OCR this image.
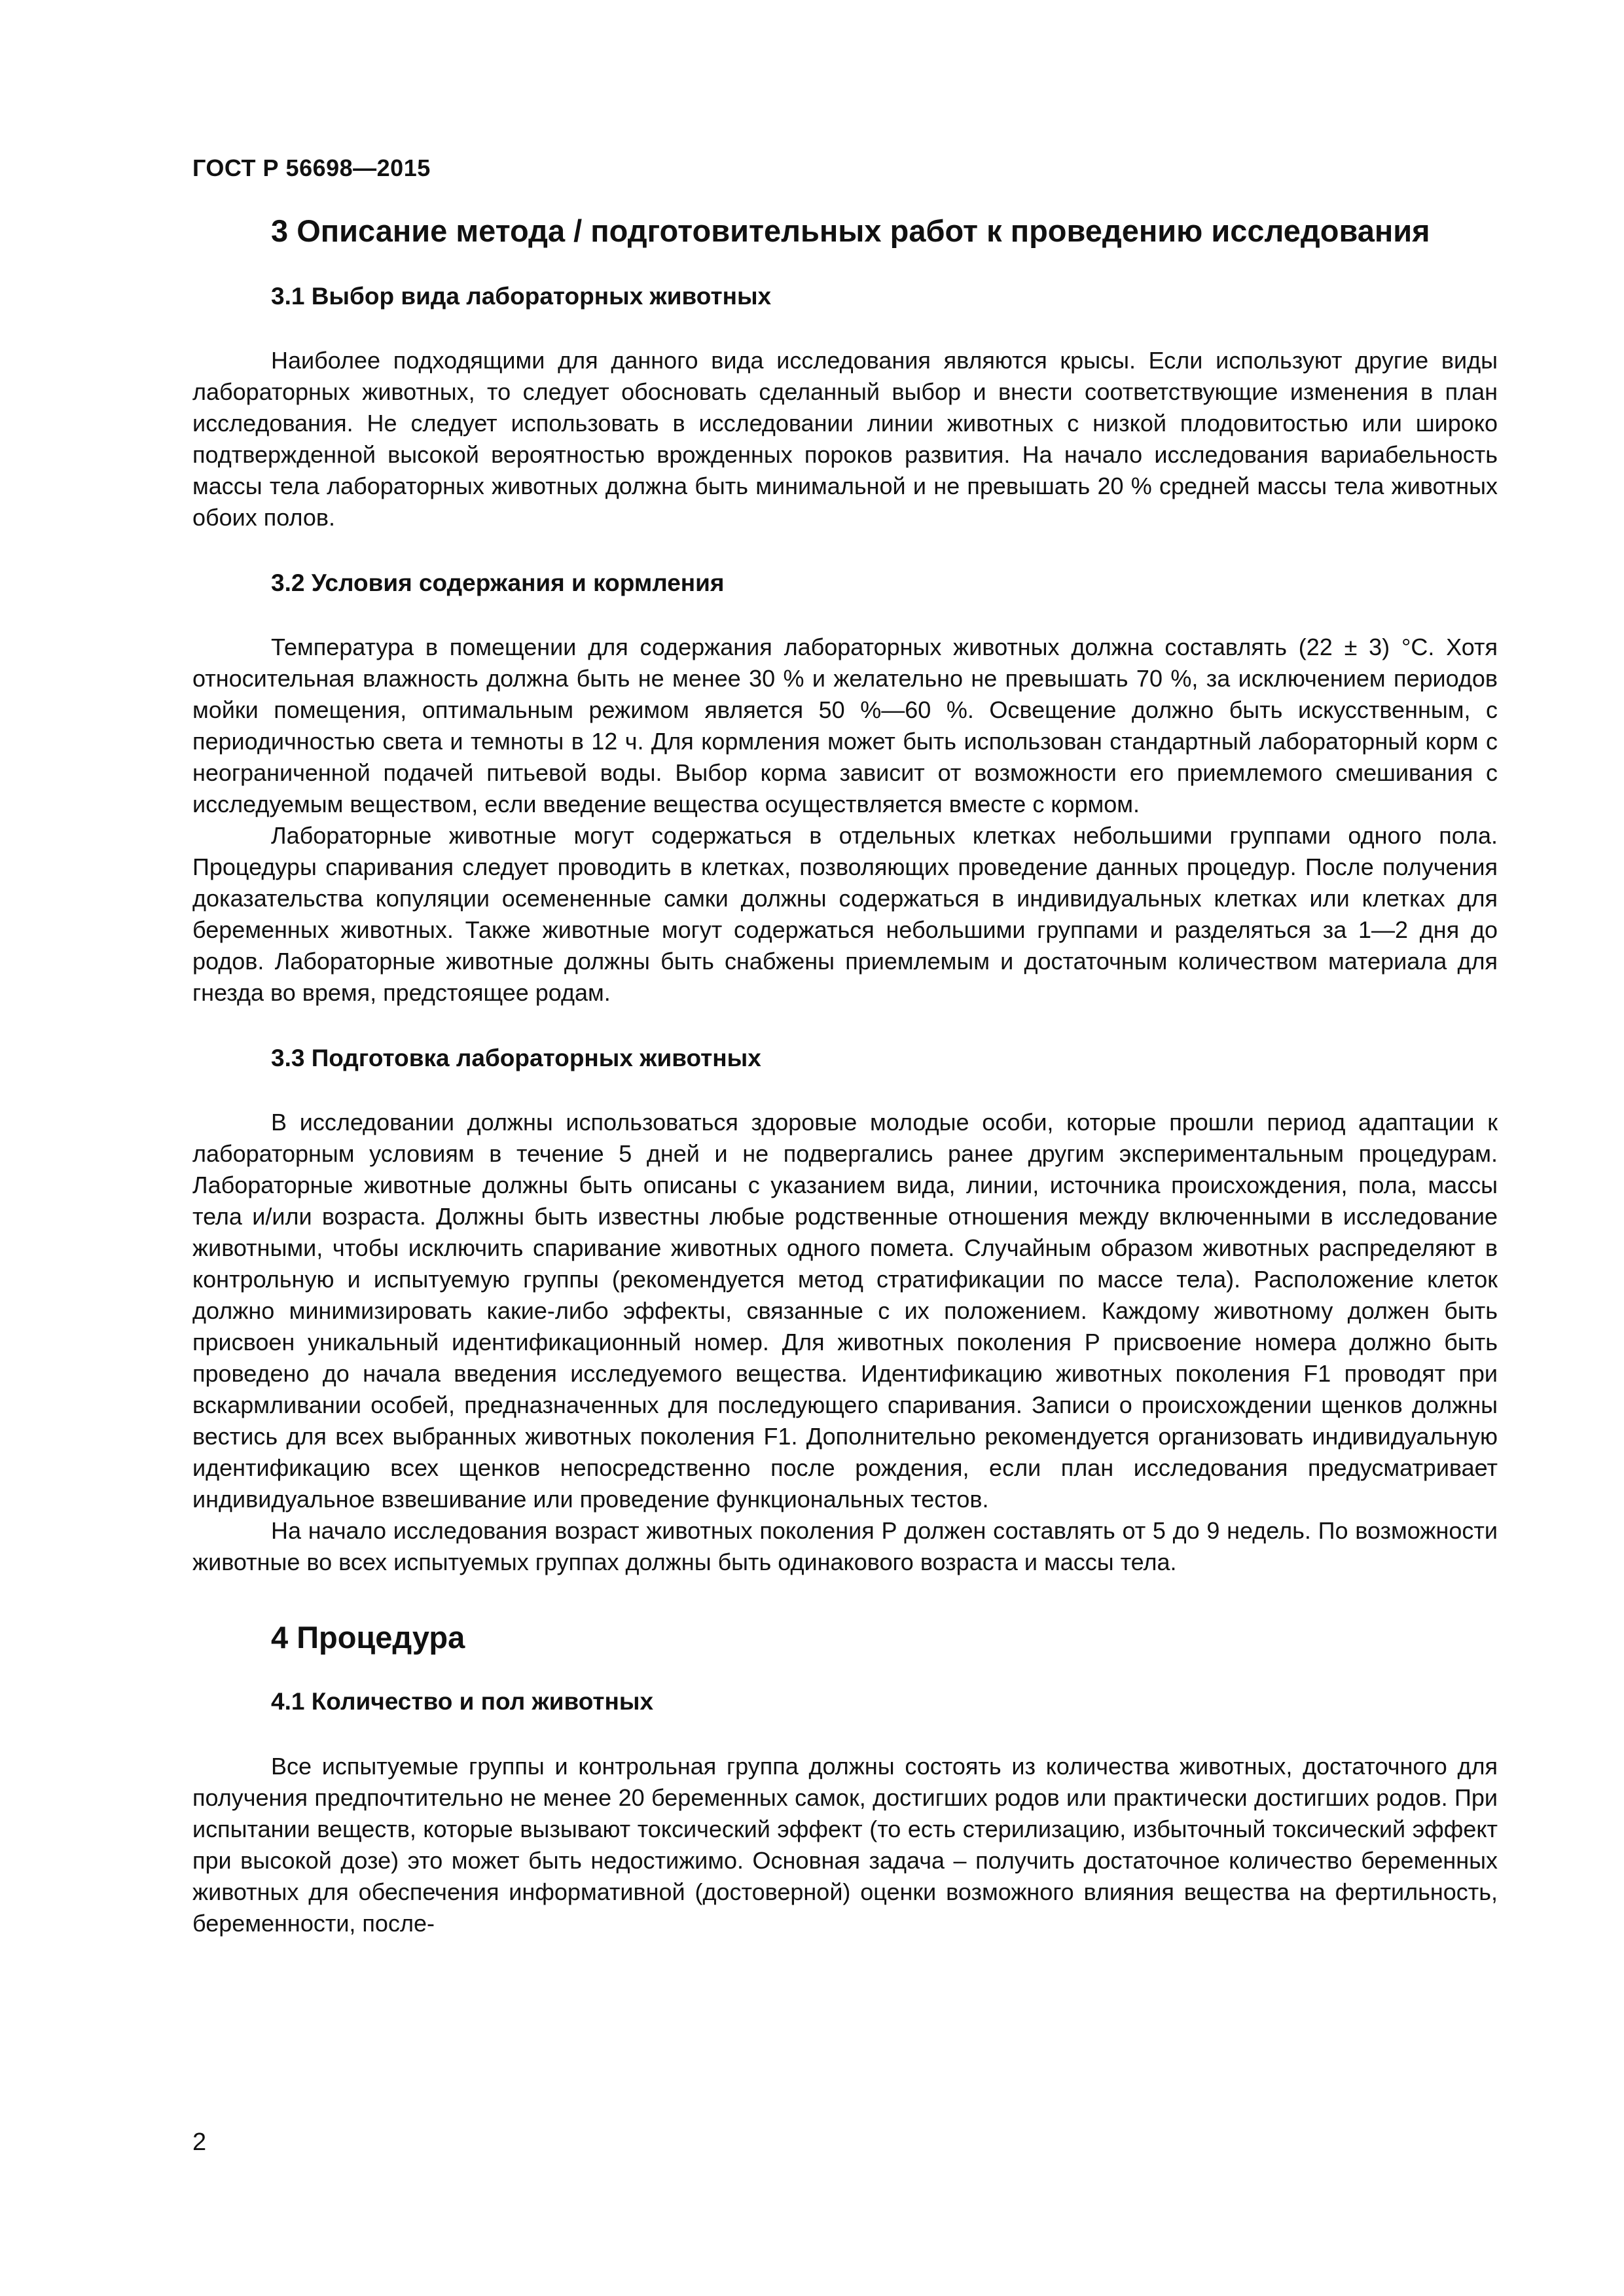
ГОСТ Р 56698—2015
3 Описание метода / подготовительных работ к проведению исследования
3.1 Выбор вида лабораторных животных

Наиболее подходящими для данного вида исследования являются крысы. Если используют другие виды лабораторных животных, то следует обосновать сделанный выбор и внести соответствующие изменения в план исследования. Не следует использовать в исследовании линии животных с низкой плодовитостью или широко подтвержденной высокой вероятностью врожденных пороков развития. На начало исследования вариабельность массы тела лабораторных животных должна быть минимальной и не превышать 20 % средней массы тела животных обоих полов.

3.2 Условия содержания и кормления

Температура в помещении для содержания лабораторных животных должна составлять (22 ± 3) °С. Хотя относительная влажность должна быть не менее 30 % и желательно не превышать 70 %, за исключением периодов мойки помещения, оптимальным режимом является 50 %—60 %. Освещение должно быть искусственным, с периодичностью света и темноты в 12 ч. Для кормления может быть использован стандартный лабораторный корм с неограниченной подачей питьевой воды. Выбор корма зависит от возможности его приемлемого смешивания с исследуемым веществом, если введение вещества осуществляется вместе с кормом.

Лабораторные животные могут содержаться в отдельных клетках небольшими группами одного пола. Процедуры спаривания следует проводить в клетках, позволяющих проведение данных процедур. После получения доказательства копуляции осемененные самки должны содержаться в индивидуальных клетках или клетках для беременных животных. Также животные могут содержаться небольшими группами и разделяться за 1—2 дня до родов. Лабораторные животные должны быть снабжены приемлемым и достаточным количеством материала для гнезда во время, предстоящее родам.

3.3 Подготовка лабораторных животных

В исследовании должны использоваться здоровые молодые особи, которые прошли период адаптации к лабораторным условиям в течение 5 дней и не подвергались ранее другим экспериментальным процедурам. Лабораторные животные должны быть описаны с указанием вида, линии, источника происхождения, пола, массы тела и/или возраста. Должны быть известны любые родственные отношения между включенными в исследование животными, чтобы исключить спаривание животных одного помета. Случайным образом животных распределяют в контрольную и испытуемую группы (рекомендуется метод стратификации по массе тела). Расположение клеток должно минимизировать какие-либо эффекты, связанные с их положением. Каждому животному должен быть присвоен уникальный идентификационный номер. Для животных поколения Р присвоение номера должно быть проведено до начала введения исследуемого вещества. Идентификацию животных поколения F1 проводят при вскармливании особей, предназначенных для последующего спаривания. Записи о происхождении щенков должны вестись для всех выбранных животных поколения F1. Дополнительно рекомендуется организовать индивидуальную идентификацию всех щенков непосредственно после рождения, если план исследования предусматривает индивидуальное взвешивание или проведение функциональных тестов.

На начало исследования возраст животных поколения Р должен составлять от 5 до 9 недель. По возможности животные во всех испытуемых группах должны быть одинакового возраста и массы тела.

4 Процедура
4.1 Количество и пол животных

Все испытуемые группы и контрольная группа должны состоять из количества животных, достаточного для получения предпочтительно не менее 20 беременных самок, достигших родов или практически достигших родов. При испытании веществ, которые вызывают токсический эффект (то есть стерилизацию, избыточный токсический эффект при высокой дозе) это может быть недостижимо. Основная задача – получить достаточное количество беременных животных для обеспечения информативной (достоверной) оценки возможного влияния вещества на фертильность, беременности, после-

2
